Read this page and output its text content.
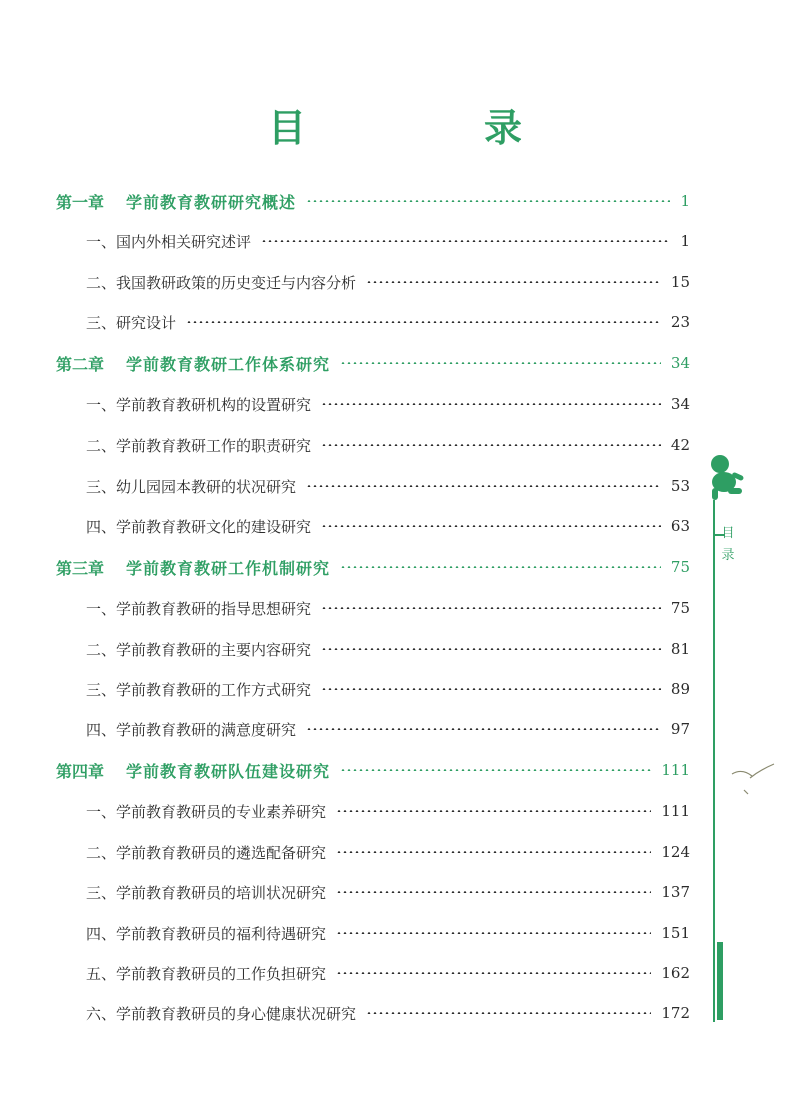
目　录
第一章 学前教育教研研究概述	1
一、国内外相关研究述评	1
二、我国教研政策的历史变迁与内容分析	15
三、研究设计	23
第二章 学前教育教研工作体系研究	34
一、学前教育教研机构的设置研究	34
二、学前教育教研工作的职责研究	42
三、幼儿园园本教研的状况研究	53
四、学前教育教研文化的建设研究	63
第三章 学前教育教研工作机制研究	75
一、学前教育教研的指导思想研究	75
二、学前教育教研的主要内容研究	81
三、学前教育教研的工作方式研究	89
四、学前教育教研的满意度研究	97
第四章 学前教育教研队伍建设研究	111
一、学前教育教研员的专业素养研究	111
二、学前教育教研员的遴选配备研究	124
三、学前教育教研员的培训状况研究	137
四、学前教育教研员的福利待遇研究	151
五、学前教育教研员的工作负担研究	162
六、学前教育教研员的身心健康状况研究	172
目
录
